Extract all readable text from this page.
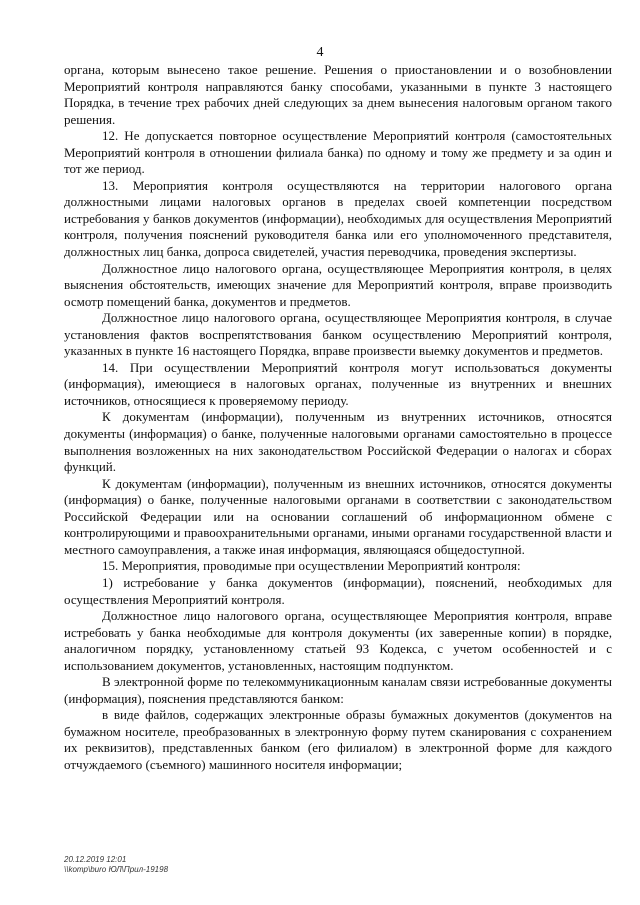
4

органа, которым вынесено такое решение. Решения о приостановлении и о возобновлении Мероприятий контроля направляются банку способами, указанными в пункте 3 настоящего Порядка, в течение трех рабочих дней следующих за днем вынесения налоговым органом такого решения.

12. Не допускается повторное осуществление Мероприятий контроля (самостоятельных Мероприятий контроля в отношении филиала банка) по одному и тому же предмету и за один и тот же период.

13. Мероприятия контроля осуществляются на территории налогового органа должностными лицами налоговых органов в пределах своей компетенции посредством истребования у банков документов (информации), необходимых для осуществления Мероприятий контроля, получения пояснений руководителя банка или его уполномоченного представителя, должностных лиц банка, допроса свидетелей, участия переводчика, проведения экспертизы.

Должностное лицо налогового органа, осуществляющее Мероприятия контроля, в целях выяснения обстоятельств, имеющих значение для Мероприятий контроля, вправе производить осмотр помещений банка, документов и предметов.

Должностное лицо налогового органа, осуществляющее Мероприятия контроля, в случае установления фактов воспрепятствования банком осуществлению Мероприятий контроля, указанных в пункте 16 настоящего Порядка, вправе произвести выемку документов и предметов.

14. При осуществлении Мероприятий контроля могут использоваться документы (информация), имеющиеся в налоговых органах, полученные из внутренних и внешних источников, относящиеся к проверяемому периоду.

К документам (информации), полученным из внутренних источников, относятся документы (информация) о банке, полученные налоговыми органами самостоятельно в процессе выполнения возложенных на них законодательством Российской Федерации о налогах и сборах функций.

К документам (информации), полученным из внешних источников, относятся документы (информация) о банке, полученные налоговыми органами в соответствии с законодательством Российской Федерации или на основании соглашений об информационном обмене с контролирующими и правоохранительными органами, иными органами государственной власти и местного самоуправления, а также иная информация, являющаяся общедоступной.

15. Мероприятия, проводимые при осуществлении Мероприятий контроля:

1) истребование у банка документов (информации), пояснений, необходимых для осуществления Мероприятий контроля.

Должностное лицо налогового органа, осуществляющее Мероприятия контроля, вправе истребовать у банка необходимые для контроля документы (их заверенные копии) в порядке, аналогичном порядку, установленному статьей 93 Кодекса, с учетом особенностей и с использованием документов, установленных, настоящим подпунктом.

В электронной форме по телекоммуникационным каналам связи истребованные документы (информация), пояснения представляются банком:

в виде файлов, содержащих электронные образы бумажных документов (документов на бумажном носителе, преобразованных в электронную форму путем сканирования с сохранением их реквизитов), представленных банком (его филиалом) в электронной форме для каждого отчуждаемого (съемного) машинного носителя информации;

20.12.2019 12:01
\\komp\buro ЮЛ\Прил-19198
